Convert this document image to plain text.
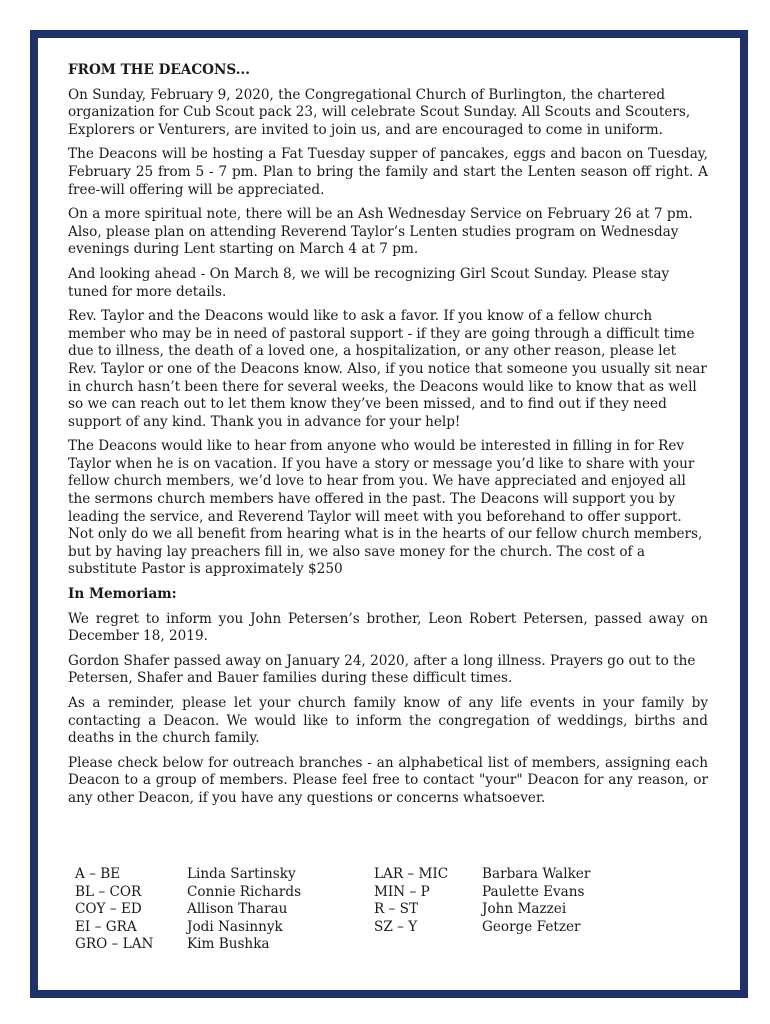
FROM THE DEACONS...

On Sunday, February 9, 2020, the Congregational Church of Burlington, the chartered organization for Cub Scout pack 23, will celebrate Scout Sunday. All Scouts and Scouters, Explorers or Venturers, are invited to join us, and are encouraged to come in uniform.

The Deacons will be hosting a Fat Tuesday supper of pancakes, eggs and bacon on Tuesday, February 25 from 5 - 7 pm. Plan to bring the family and start the Lenten season off right. A free-will offering will be appreciated.

On a more spiritual note, there will be an Ash Wednesday Service on February 26 at 7 pm. Also, please plan on attending Reverend Taylor’s Lenten studies program on Wednesday evenings during Lent starting on March 4 at 7 pm.

And looking ahead - On March 8, we will be recognizing Girl Scout Sunday. Please stay tuned for more details.

Rev. Taylor and the Deacons would like to ask a favor. If you know of a fellow church member who may be in need of pastoral support - if they are going through a difficult time due to illness, the death of a loved one, a hospitalization, or any other reason, please let Rev. Taylor or one of the Deacons know. Also, if you notice that someone you usually sit near in church hasn’t been there for several weeks, the Deacons would like to know that as well so we can reach out to let them know they’ve been missed, and to find out if they need support of any kind. Thank you in advance for your help!

The Deacons would like to hear from anyone who would be interested in filling in for Rev Taylor when he is on vacation. If you have a story or message you’d like to share with your fellow church members, we’d love to hear from you. We have appreciated and enjoyed all the sermons church members have offered in the past. The Deacons will support you by leading the service, and Reverend Taylor will meet with you beforehand to offer support. Not only do we all benefit from hearing what is in the hearts of our fellow church members, but by having lay preachers fill in, we also save money for the church. The cost of a substitute Pastor is approximately $250

In Memoriam:

We regret to inform you John Petersen’s brother, Leon Robert Petersen, passed away on December 18, 2019.

Gordon Shafer passed away on January 24, 2020, after a long illness. Prayers go out to the Petersen, Shafer and Bauer families during these difficult times.

As a reminder, please let your church family know of any life events in your family by contacting a Deacon. We would like to inform the congregation of weddings, births and deaths in the church family.

Please check below for outreach branches - an alphabetical list of members, assigning each Deacon to a group of members. Please feel free to contact "your" Deacon for any reason, or any other Deacon, if you have any questions or concerns whatsoever.

A – BE
BL – COR
COY – ED
EI – GRA
GRO – LAN
Linda Sartinsky
Connie Richards
Allison Tharau
Jodi Nasinnyk
Kim Bushka
LAR – MIC
MIN – P
R – ST
SZ – Y
Barbara Walker
Paulette Evans
John Mazzei
George Fetzer
